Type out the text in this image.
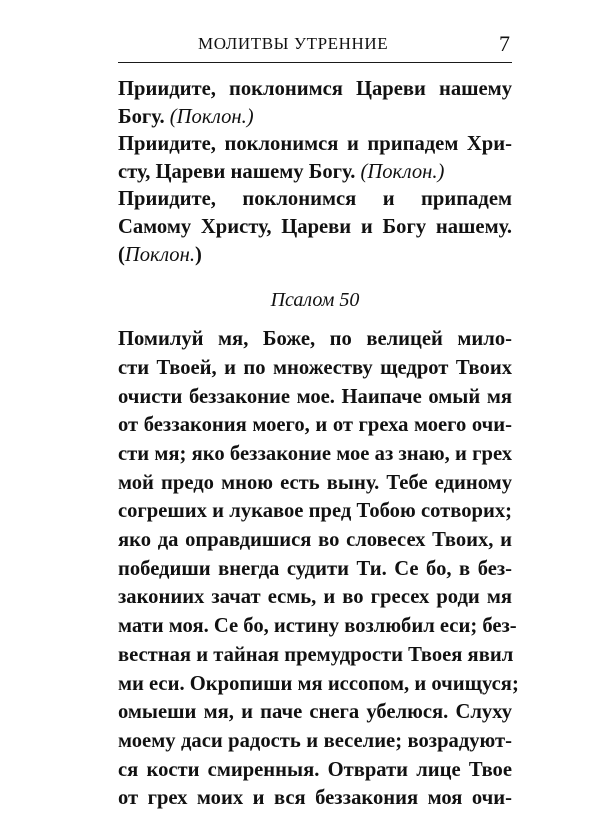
МОЛИТВЫ УТРЕННИЕ	7
Приидите, поклонимся Цареви нашему
Богу. (Поклон.)
Приидите, поклонимся и припадем Хри-
сту, Цареви нашему Богу. (Поклон.)
Приидите, поклонимся и припадем
Самому Христу, Цареви и Богу нашему.
(Поклон.)
Псалом 50
Помилуй мя, Боже, по велицей мило-
сти Твоей, и по множеству щедрот Твоих
очисти беззаконие мое. Наипаче омый мя
от беззакония моего, и от греха моего очи-
сти мя; яко беззаконие мое аз знаю, и грех
мой предо мною есть выну. Тебе единому
согреших и лукавое пред Тобою сотворих;
яко да оправдишися во словесех Твоих, и
победиши внегда судити Ти. Се бо, в без-
закониих зачат есмь, и во гресех роди мя
мати моя. Се бо, истину возлюбил еси; без-
вестная и тайная премудрости Твоея явил
ми еси. Окропиши мя иссопом, и очищуся;
омыеши мя, и паче снега убелюся. Слуху
моему даси радость и веселие; возрадуют-
ся кости смиренныя. Отврати лице Твое
от грех моих и вся беззакония моя очи-
